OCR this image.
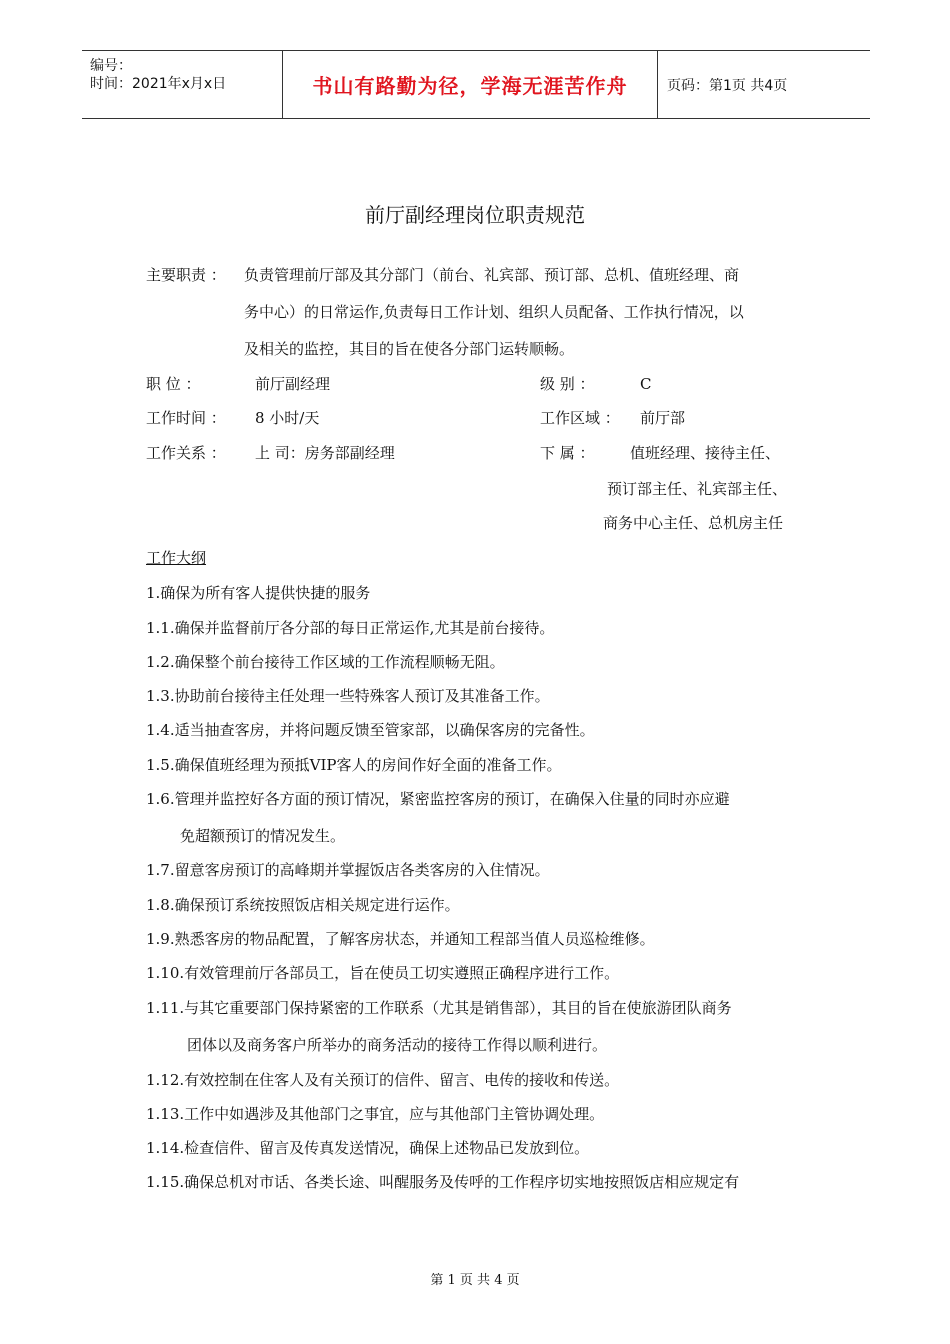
编号：
时间：2021年x月x日	书山有路勤为径，学海无涯苦作舟	页码：第1页 共4页
前厅副经理岗位职责规范
主要职责 ： 负责管理前厅部及其分部门（前台、礼宾部、预订部、总机、值班经理、商
务中心）的日常运作,负责每日工作计划、组织人员配备、工作执行情况，以
及相关的监控，其目的旨在使各分部门运转顺畅。
职 位 ：	前厅副经理	级 别 ：	C
工作时间 ： 8 小时/天	工作区域 ： 前厅部
工作关系 ： 上 司：房务部副经理	下 属 ： 值班经理、接待主任、
预订部主任、礼宾部主任、
商务中心主任、总机房主任
工作大纲
1.确保为所有客人提供快捷的服务
1.1.确保并监督前厅各分部的每日正常运作,尤其是前台接待。
1.2.确保整个前台接待工作区域的工作流程顺畅无阻。
1.3.协助前台接待主任处理一些特殊客人预订及其准备工作。
1.4.适当抽查客房，并将问题反馈至管家部，以确保客房的完备性。
1.5.确保值班经理为预抵VIP客人的房间作好全面的准备工作。
1.6.管理并监控好各方面的预订情况，紧密监控客房的预订，在确保入住量的同时亦应避
免超额预订的情况发生。
1.7.留意客房预订的高峰期并掌握饭店各类客房的入住情况。
1.8.确保预订系统按照饭店相关规定进行运作。
1.9.熟悉客房的物品配置，了解客房状态，并通知工程部当值人员巡检维修。
1.10.有效管理前厅各部员工，旨在使员工切实遵照正确程序进行工作。
1.11.与其它重要部门保持紧密的工作联系（尤其是销售部），其目的旨在使旅游团队商务
团体以及商务客户所举办的商务活动的接待工作得以顺利进行。
1.12.有效控制在住客人及有关预订的信件、留言、电传的接收和传送。
1.13.工作中如遇涉及其他部门之事宜，应与其他部门主管协调处理。
1.14.检查信件、留言及传真发送情况，确保上述物品已发放到位。
1.15.确保总机对市话、各类长途、叫醒服务及传呼的工作程序切实地按照饭店相应规定有
第 1 页 共 4 页
